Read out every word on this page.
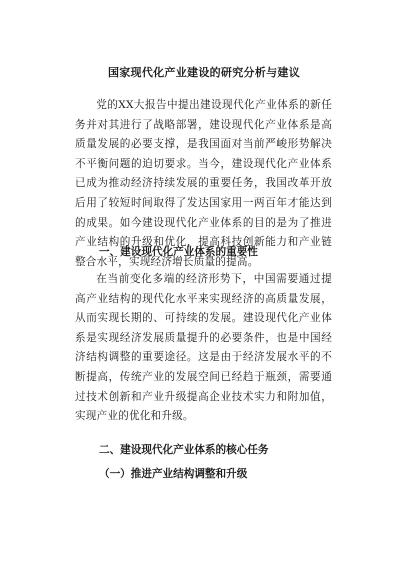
国家现代化产业建设的研究分析与建议
党的XX大报告中提出建设现代化产业体系的新任务并对其进行了战略部署，建设现代化产业体系是高质量发展的必要支撑，是我国面对当前严峻形势解决不平衡问题的迫切要求。当今，建设现代化产业体系已成为推动经济持续发展的重要任务，我国改革开放后用了较短时间取得了发达国家用一两百年才能达到的成果。如今建设现代化产业体系的目的是为了推进产业结构的升级和优化，提高科技创新能力和产业链整合水平，实现经济增长质量的提高。
一、建设现代化产业体系的重要性
在当前变化多端的经济形势下，中国需要通过提高产业结构的现代化水平来实现经济的高质量发展，从而实现长期的、可持续的发展。建设现代化产业体系是实现经济发展质量提升的必要条件，也是中国经济结构调整的重要途径。这是由于经济发展水平的不断提高，传统产业的发展空间已经趋于瓶颈，需要通过技术创新和产业升级提高企业技术实力和附加值，实现产业的优化和升级。
二、建设现代化产业体系的核心任务
（一）推进产业结构调整和升级
